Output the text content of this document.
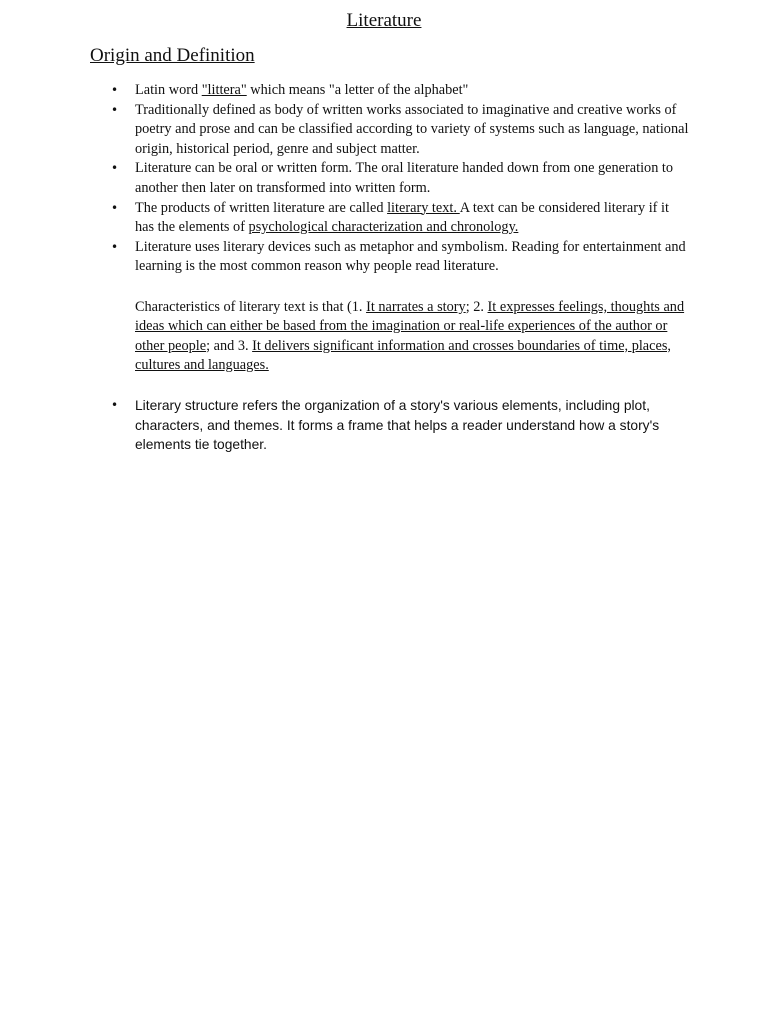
Literature
Origin and Definition
• Latin word "littera" which means "a letter of the alphabet"
• Traditionally defined as body of written works associated to imaginative and creative works of poetry and prose and can be classified according to variety of systems such as language, national origin, historical period, genre and subject matter.
• Literature can be oral or written form. The oral literature handed down from one generation to another then later on transformed into written form.
• The products of written literature are called literary text. A text can be considered literary if it has the elements of psychological characterization and chronology.
• Literature uses literary devices such as metaphor and symbolism. Reading for entertainment and learning is the most common reason why people read literature.
Characteristics of literary text is that (1. It narrates a story; 2. It expresses feelings, thoughts and ideas which can either be based from the imagination or real-life experiences of the author or other people; and 3. It delivers significant information and crosses boundaries of time, places, cultures and languages.
• Literary structure refers the organization of a story's various elements, including plot, characters, and themes. It forms a frame that helps a reader understand how a story's elements tie together.
